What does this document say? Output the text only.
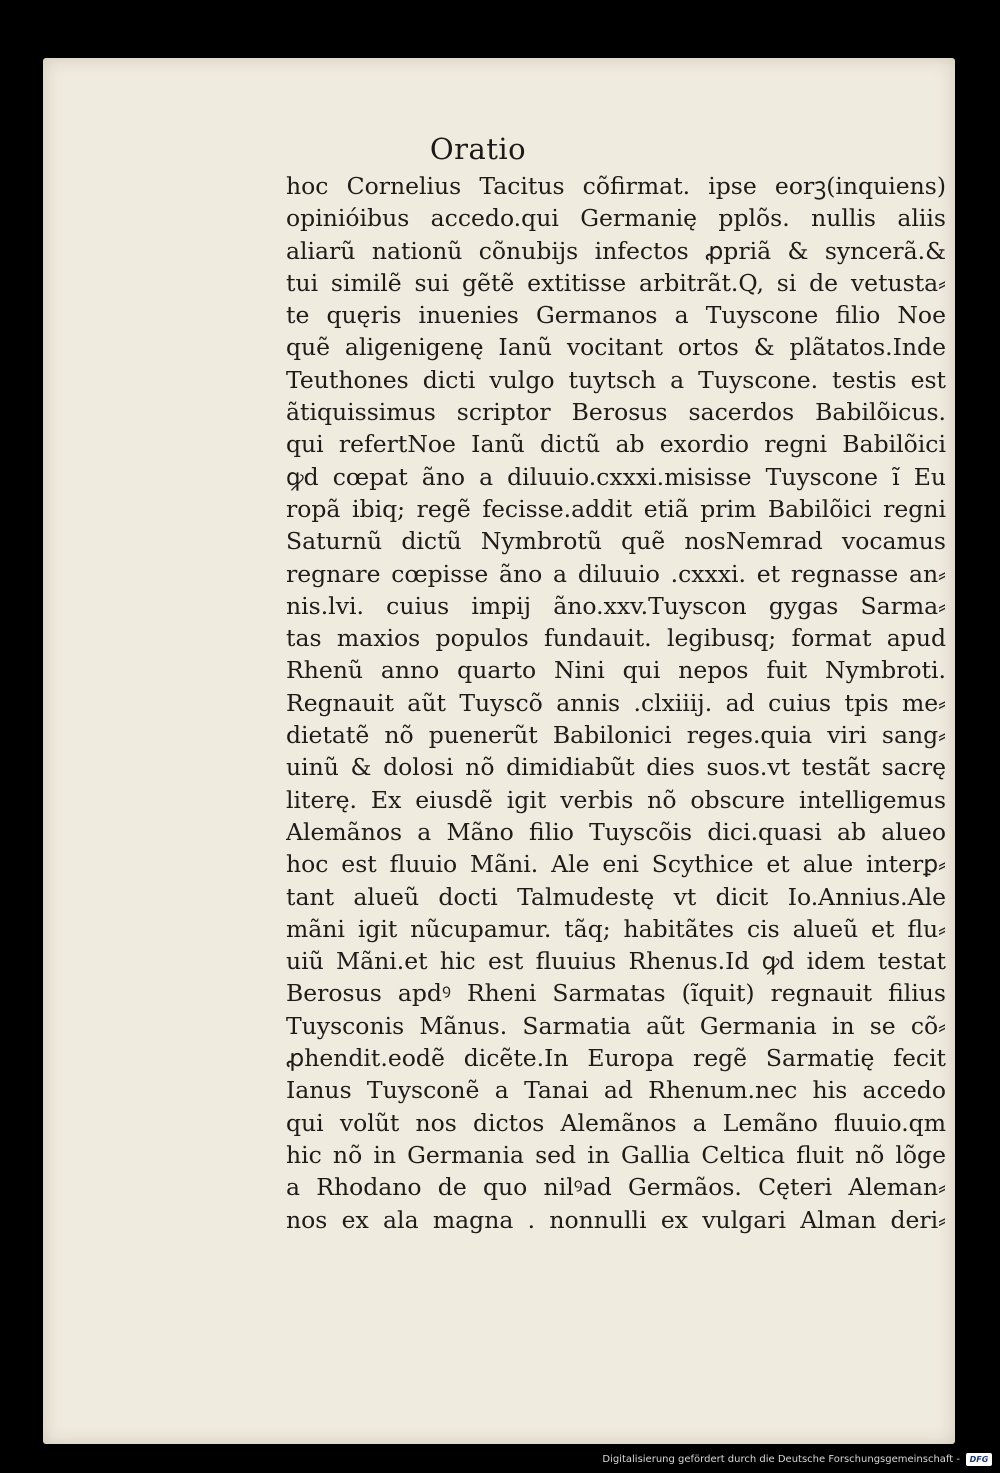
Oratio
hoc Cornelius Tacitus cõfirmat. ipse eorꝫ(inquiens)
opinióibus accedo.qui Germanię pplõs. nullis aliis
aliarũ nationũ cõnubijs infectos ꝓpriã & syncerã.&
tui similẽ sui gẽtẽ extitisse arbitrãt.Q, si de vetusta⸗
te quęris inuenies Germanos a Tuyscone filio Noe
quẽ aligenigenę Ianũ vocitant ortos & plãtatos.Inde
Teuthones dicti vulgo tuytsch a Tuyscone. testis est
ãtiquissimus scriptor Berosus sacerdos Babilõicus.
qui refertNoe Ianũ dictũ ab exordio regni Babilõici
ꝙd cœpat ãno a diluuio.cxxxi.misisse Tuyscone ĩ Eu
ropã ibiq; regẽ fecisse.addit etiã prim Babilõici regni
Saturnũ dictũ Nymbrotũ quẽ nosNemrad vocamus
regnare cœpisse ãno a diluuio .cxxxi. et regnasse an⸗
nis.lvi. cuius impij ãno.xxv.Tuyscon gygas Sarma⸗
tas maxios populos fundauit. legibusq; format apud
Rhenũ anno quarto Nini qui nepos fuit Nymbroti.
Regnauit aũt Tuyscõ annis .clxiiij. ad cuius tpis me⸗
dietatẽ nõ puenerũt Babilonici reges.quia viri sang⸗
uinũ & dolosi nõ dimidiabũt dies suos.vt testãt sacrę
literę. Ex eiusdẽ igit verbis nõ obscure intelligemus
Alemãnos a Mãno filio Tuyscõis dici.quasi ab alueo
hoc est fluuio Mãni. Ale eni Scythice et alue interꝑ⸗
tant alueũ docti Talmudestę vt dicit Io.Annius.Ale
mãni igit nũcupamur. tãq; habitãtes cis alueũ et flu⸗
uiũ Mãni.et hic est fluuius Rhenus.Id ꝙd idem testat
Berosus apdꝰ Rheni Sarmatas (ĩquit) regnauit filius
Tuysconis Mãnus. Sarmatia aũt Germania in se cõ⸗
ꝓhendit.eodẽ dicẽte.In Europa regẽ Sarmatię fecit
Ianus Tuysconẽ a Tanai ad Rhenum.nec his accedo
qui volũt nos dictos Alemãnos a Lemãno fluuio.qm
hic nõ in Germania sed in Gallia Celtica fluit nõ lõge
a Rhodano de quo nilꝰad Germãos. Cęteri Aleman⸗
nos ex ala magna . nonnulli ex vulgari Alman deri⸗
Digitalisierung gefördert durch die Deutsche Forschungsgemeinschaft - DFG
